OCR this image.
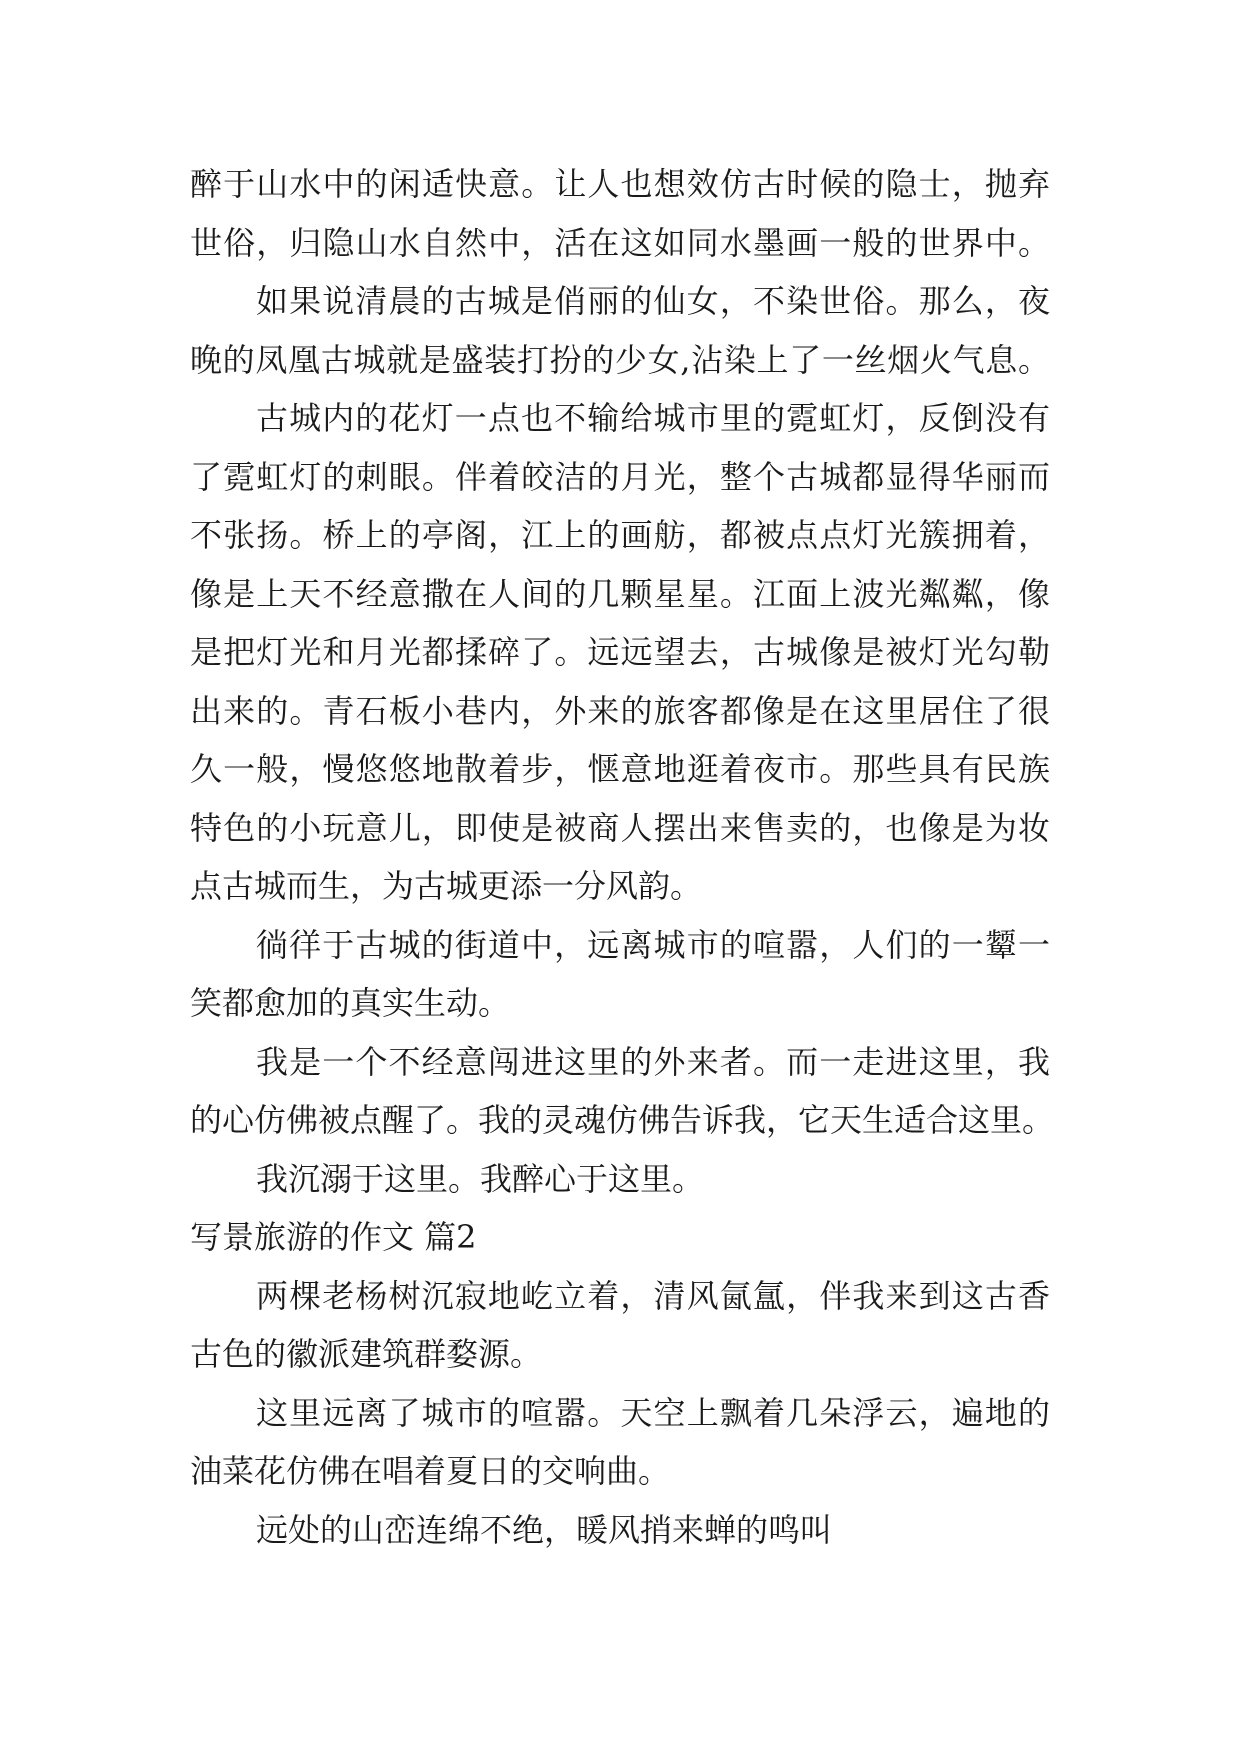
醉于山水中的闲适快意。让人也想效仿古时候的隐士，抛弃
世俗，归隐山水自然中，活在这如同水墨画一般的世界中。
如果说清晨的古城是俏丽的仙女，不染世俗。那么，夜
晚的凤凰古城就是盛装打扮的少女,沾染上了一丝烟火气息。
古城内的花灯一点也不输给城市里的霓虹灯，反倒没有
了霓虹灯的刺眼。伴着皎洁的月光，整个古城都显得华丽而
不张扬。桥上的亭阁，江上的画舫，都被点点灯光簇拥着，
像是上天不经意撒在人间的几颗星星。江面上波光粼粼，像
是把灯光和月光都揉碎了。远远望去，古城像是被灯光勾勒
出来的。青石板小巷内，外来的旅客都像是在这里居住了很
久一般，慢悠悠地散着步，惬意地逛着夜市。那些具有民族
特色的小玩意儿，即使是被商人摆出来售卖的，也像是为妆
点古城而生，为古城更添一分风韵。
徜徉于古城的街道中，远离城市的喧嚣，人们的一颦一
笑都愈加的真实生动。
我是一个不经意闯进这里的外来者。而一走进这里，我
的心仿佛被点醒了。我的灵魂仿佛告诉我，它天生适合这里。
我沉溺于这里。我醉心于这里。
写景旅游的作文 篇2
两棵老杨树沉寂地屹立着，清风氤氲，伴我来到这古香
古色的徽派建筑群婺源。
这里远离了城市的喧嚣。天空上飘着几朵浮云，遍地的
油菜花仿佛在唱着夏日的交响曲。
远处的山峦连绵不绝，暖风捎来蝉的鸣叫
